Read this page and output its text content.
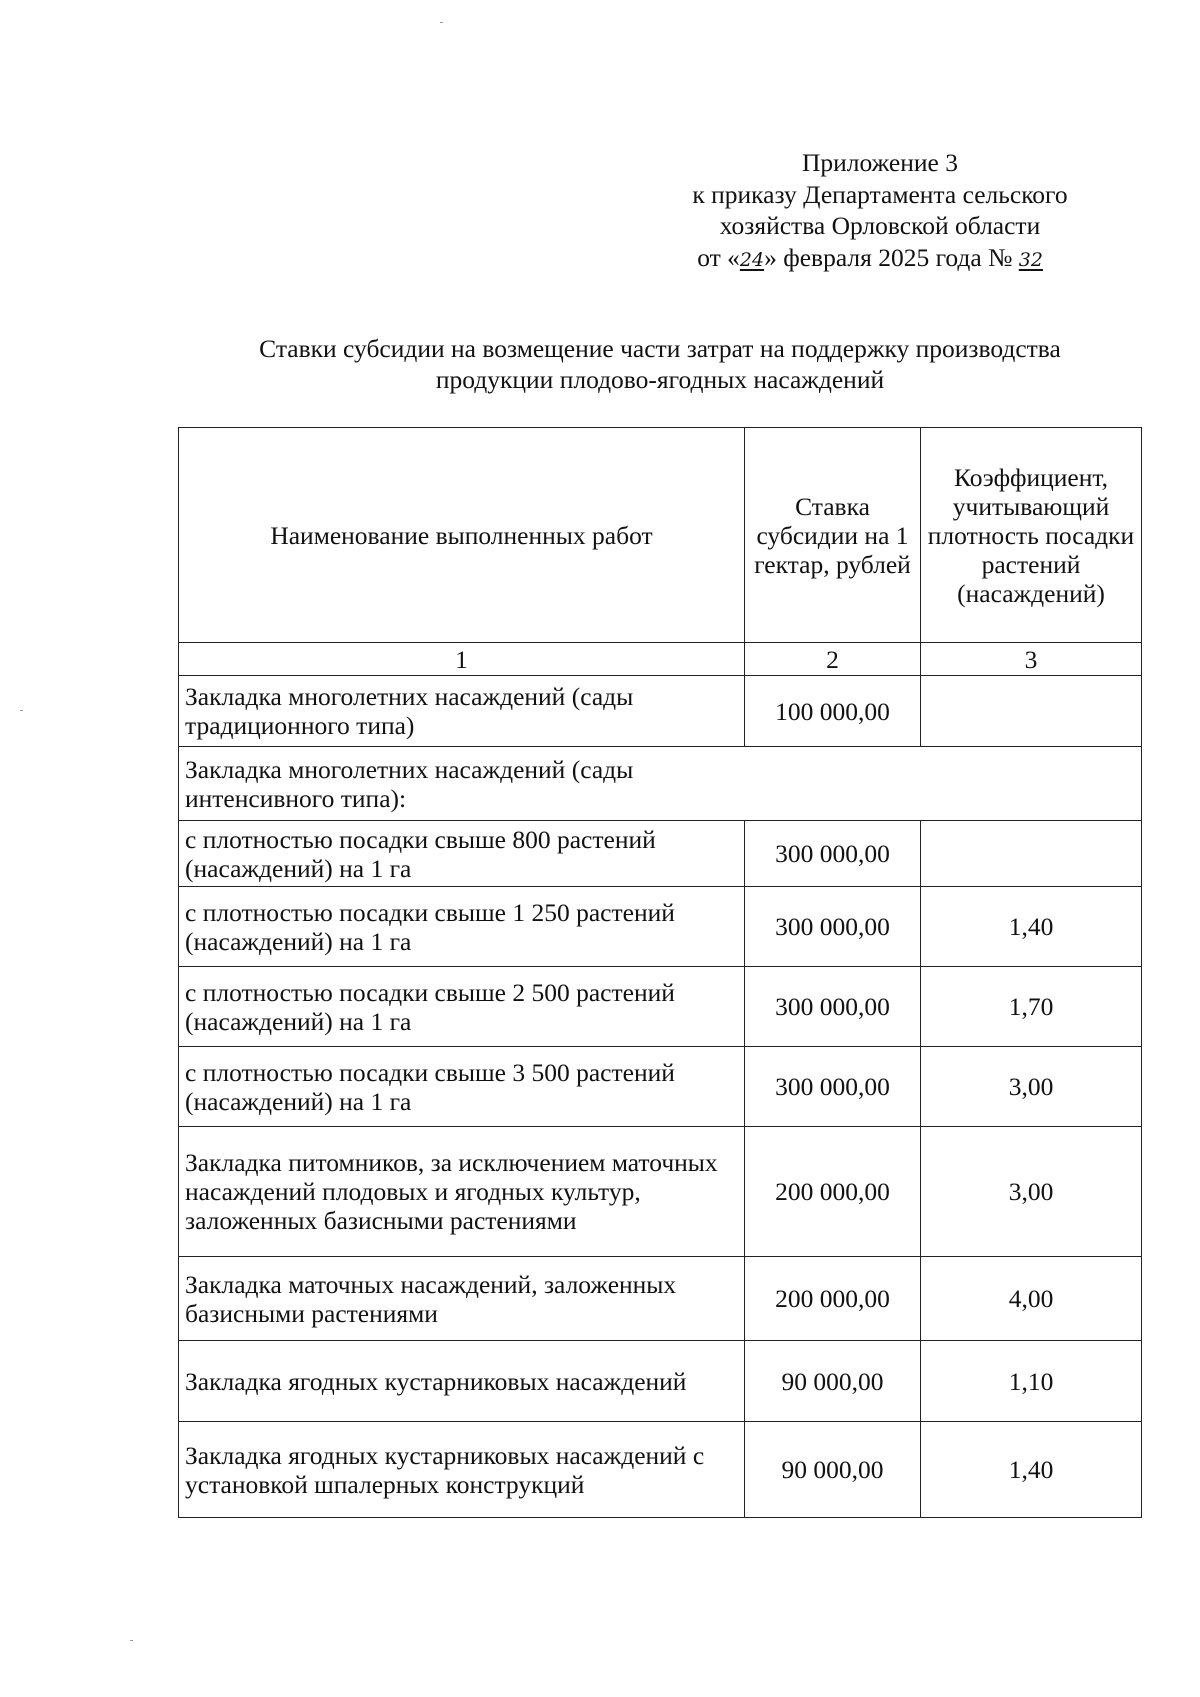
Приложение 3
к приказу Департамента сельского
хозяйства Орловской области
от «24» февраля 2025 года № 32
Ставки субсидии на возмещение части затрат на поддержку производства
продукции плодово-ягодных насаждений
Наименование выполненных работ	Ставка субсидии на 1 гектар, рублей	Коэффициент, учитывающий плотность посадки растений (насаждений)
1	2	3
Закладка многолетних насаждений (сады традиционного типа)	100 000,00	
Закладка многолетних насаждений (сады интенсивного типа):		
с плотностью посадки свыше 800 растений (насаждений) на 1 га	300 000,00	
с плотностью посадки свыше 1 250 растений (насаждений) на 1 га	300 000,00	1,40
с плотностью посадки свыше 2 500 растений (насаждений) на 1 га	300 000,00	1,70
с плотностью посадки свыше 3 500 растений (насаждений) на 1 га	300 000,00	3,00
Закладка питомников, за исключением маточных насаждений плодовых и ягодных культур, заложенных базисными растениями	200 000,00	3,00
Закладка маточных насаждений, заложенных базисными растениями	200 000,00	4,00
Закладка ягодных кустарниковых насаждений	90 000,00	1,10
Закладка ягодных кустарниковых насаждений с установкой шпалерных конструкций	90 000,00	1,40
